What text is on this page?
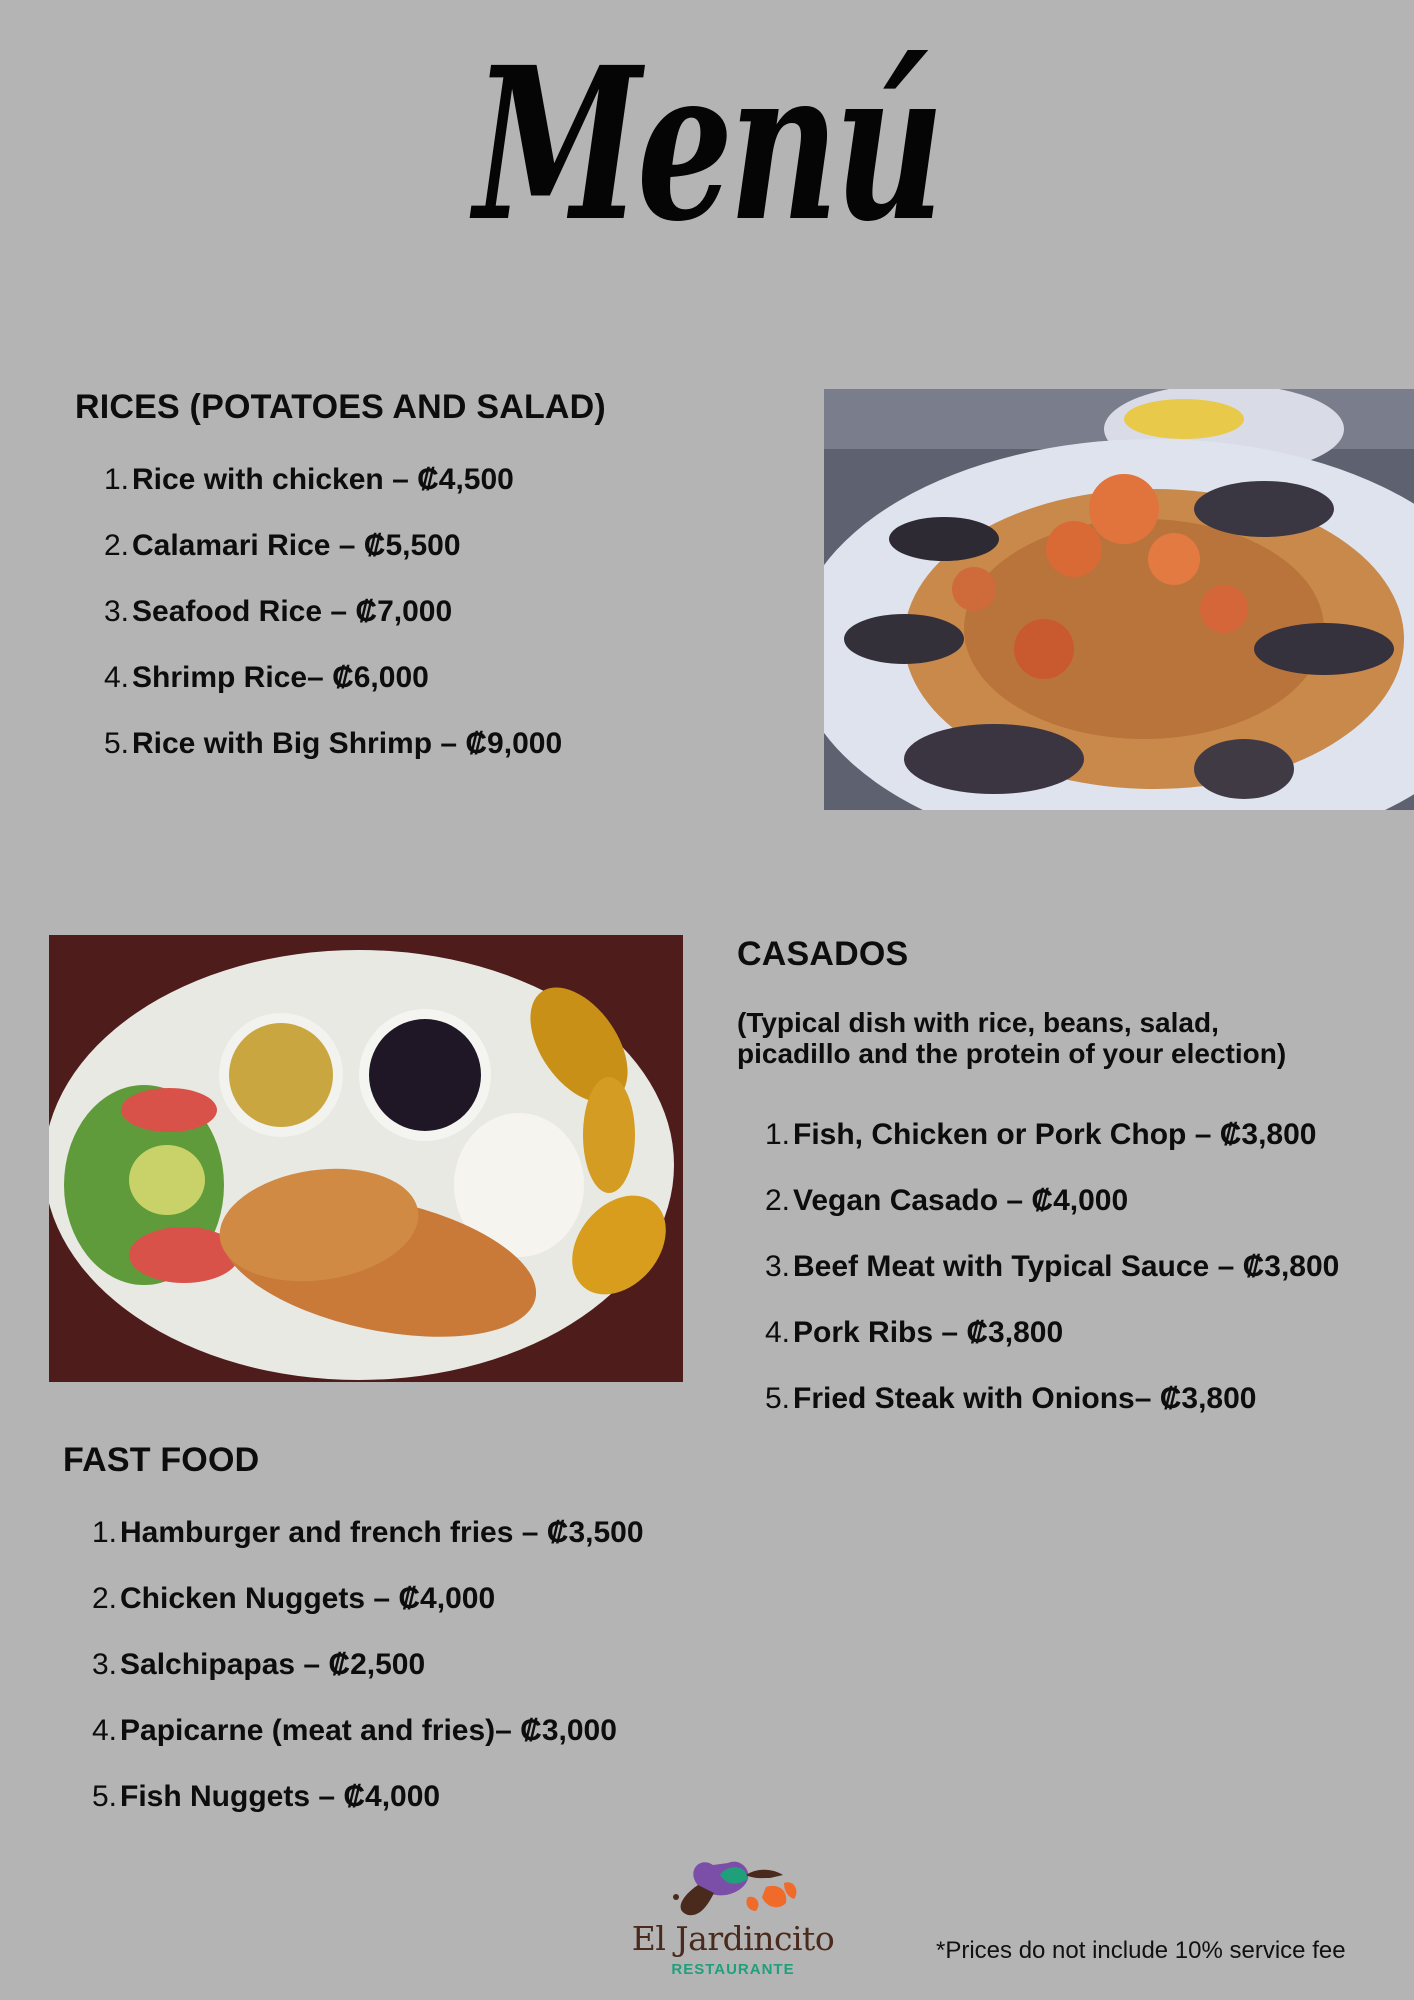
Menú
RICES (POTATOES AND SALAD)
1. Rice with chicken – ₡4,500
2. Calamari Rice – ₡5,500
3. Seafood Rice – ₡7,000
4. Shrimp Rice– ₡6,000
5. Rice with Big Shrimp – ₡9,000
CASADOS
(Typical dish with rice, beans, salad,
picadillo and the protein of your election)
1. Fish, Chicken or Pork Chop – ₡3,800
2. Vegan Casado – ₡4,000
3. Beef Meat with Typical Sauce – ₡3,800
4. Pork Ribs – ₡3,800
5. Fried Steak with Onions– ₡3,800
FAST FOOD
1. Hamburger and french fries – ₡3,500
2. Chicken Nuggets – ₡4,000
3. Salchipapas – ₡2,500
4. Papicarne (meat and fries)– ₡3,000
5. Fish Nuggets – ₡4,000
El Jardincito
RESTAURANTE
*Prices do not include 10% service fee
